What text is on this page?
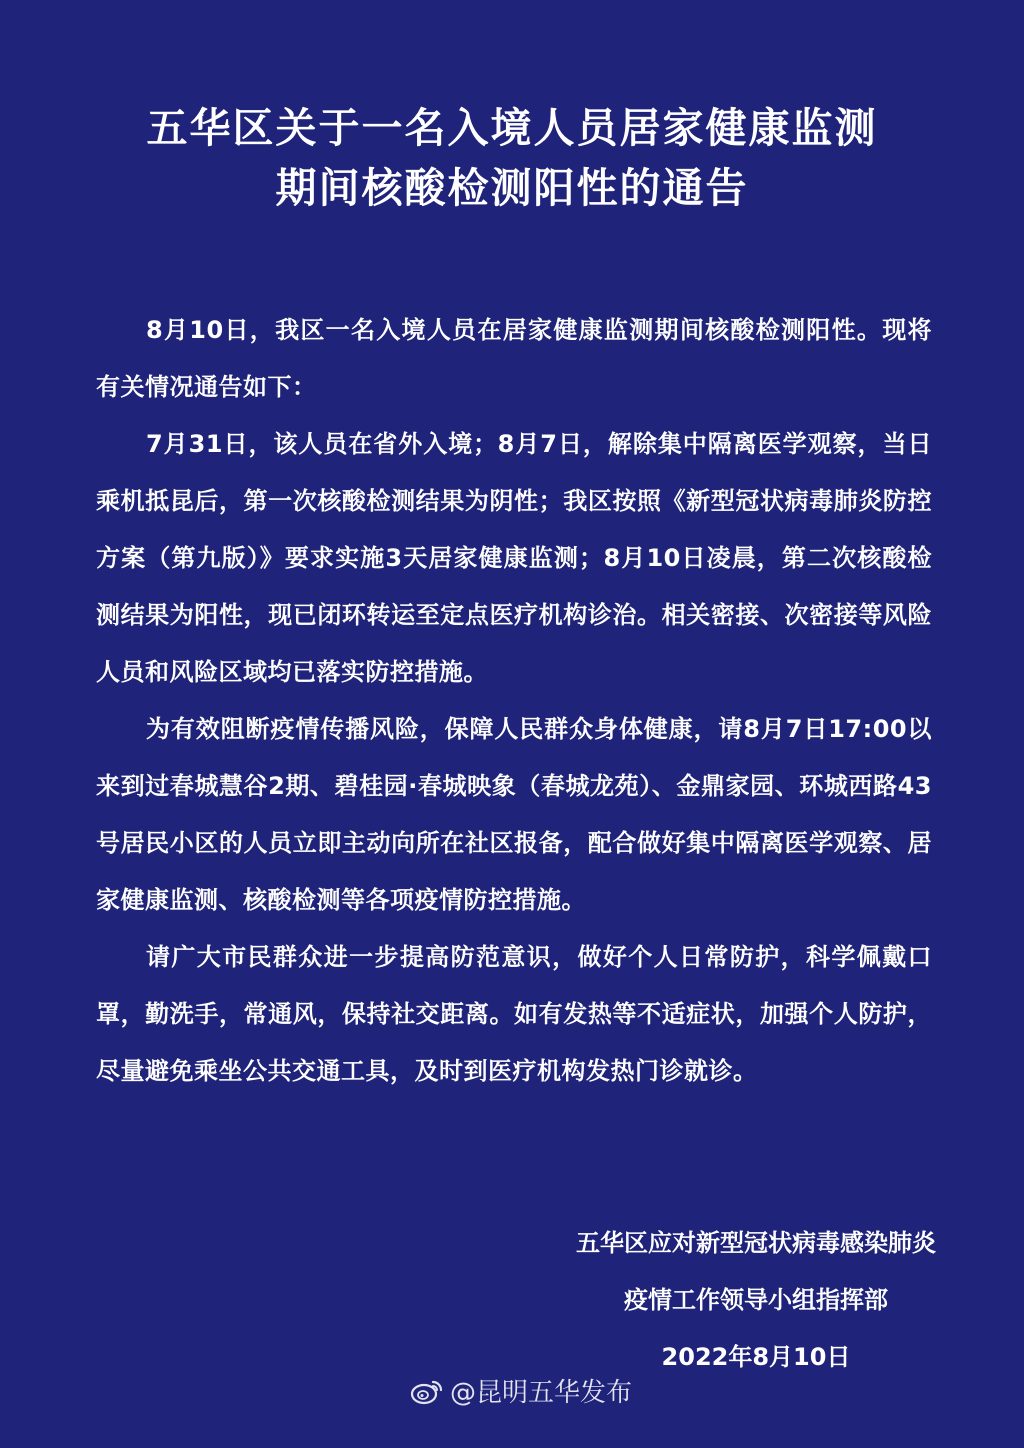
五华区关于一名入境人员居家健康监测
期间核酸检测阳性的通告

8月10日，我区一名入境人员在居家健康监测期间核酸检测阳性。现将有关情况通告如下：

7月31日，该人员在省外入境；8月7日，解除集中隔离医学观察，当日乘机抵昆后，第一次核酸检测结果为阴性；我区按照《新型冠状病毒肺炎防控方案（第九版）》要求实施3天居家健康监测；8月10日凌晨，第二次核酸检测结果为阳性，现已闭环转运至定点医疗机构诊治。相关密接、次密接等风险人员和风险区域均已落实防控措施。

为有效阻断疫情传播风险，保障人民群众身体健康，请8月7日17:00以来到过春城慧谷2期、碧桂园·春城映象（春城龙苑）、金鼎家园、环城西路43号居民小区的人员立即主动向所在社区报备，配合做好集中隔离医学观察、居家健康监测、核酸检测等各项疫情防控措施。

请广大市民群众进一步提高防范意识，做好个人日常防护，科学佩戴口罩，勤洗手，常通风，保持社交距离。如有发热等不适症状，加强个人防护，尽量避免乘坐公共交通工具，及时到医疗机构发热门诊就诊。

五华区应对新型冠状病毒感染肺炎
疫情工作领导小组指挥部
2022年8月10日
@昆明五华发布
